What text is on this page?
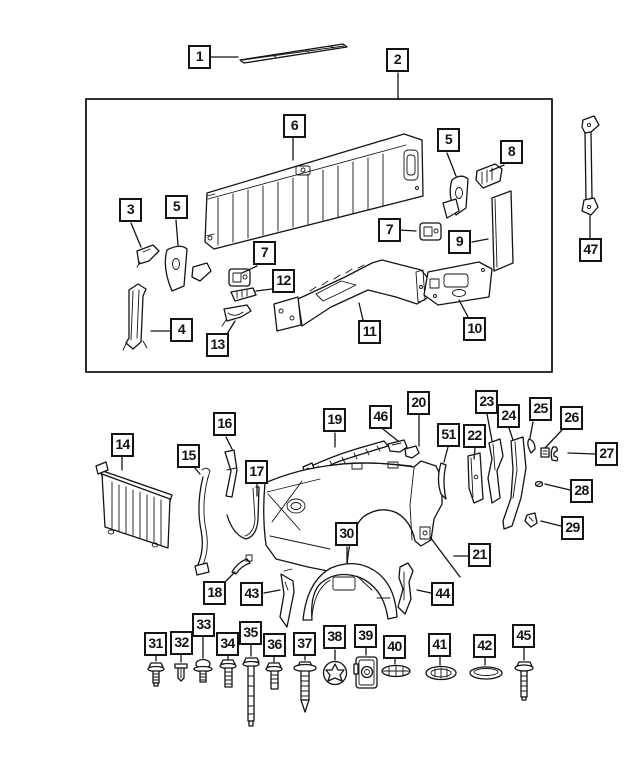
1	2
6
5
8
47
3	5
7
12
4
13
11
7
9
10
14
15
16
17
19	46
20
51 22
23
24	25
26
27
28
29
21
30
43	44
18
31 32
33
34
35
36	37	38	39
40	41	42
45
